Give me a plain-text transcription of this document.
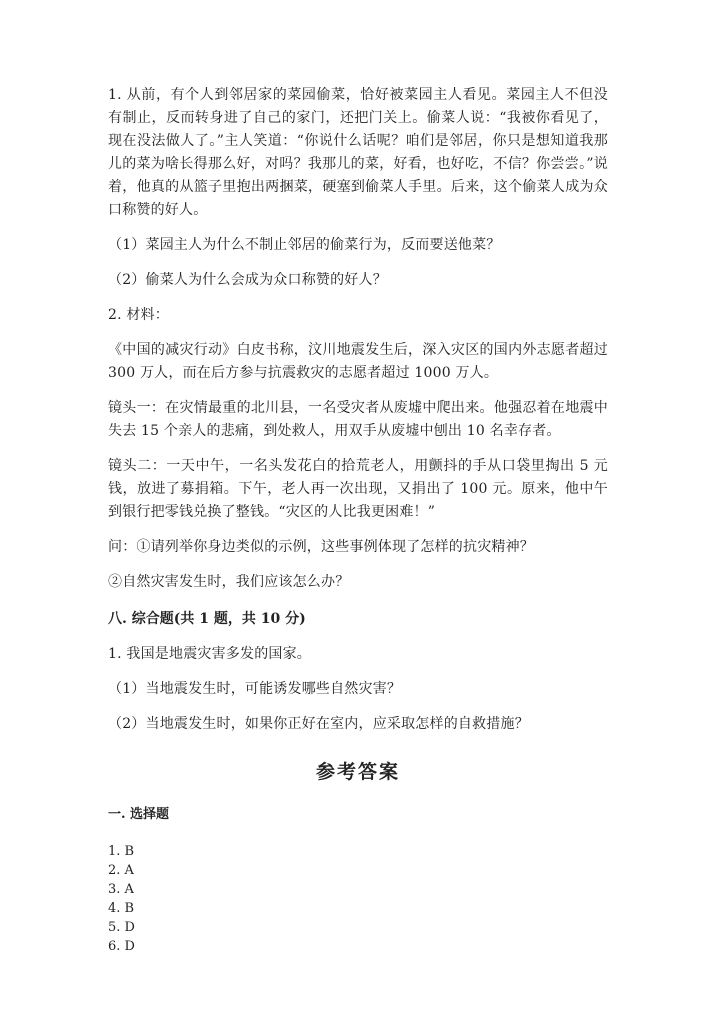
1. 从前，有个人到邻居家的菜园偷菜，恰好被菜园主人看见。菜园主人不但没有制止，反而转身进了自己的家门，还把门关上。偷菜人说：“我被你看见了，现在没法做人了。”主人笑道：“你说什么话呢？咱们是邻居，你只是想知道我那儿的菜为啥长得那么好，对吗？我那儿的菜，好看，也好吃，不信？你尝尝。”说着，他真的从篮子里抱出两捆菜，硬塞到偷菜人手里。后来，这个偷菜人成为众口称赞的好人。

（1）菜园主人为什么不制止邻居的偷菜行为，反而要送他菜？

（2）偷菜人为什么会成为众口称赞的好人？

2. 材料：

《中国的减灾行动》白皮书称，汶川地震发生后，深入灾区的国内外志愿者超过 300 万人，而在后方参与抗震救灾的志愿者超过 1000 万人。

镜头一：在灾情最重的北川县，一名受灾者从废墟中爬出来。他强忍着在地震中失去 15 个亲人的悲痛，到处救人，用双手从废墟中刨出 10 名幸存者。

镜头二：一天中午，一名头发花白的拾荒老人，用颤抖的手从口袋里掏出 5 元钱，放进了募捐箱。下午，老人再一次出现，又捐出了 100 元。原来，他中午到银行把零钱兑换了整钱。“灾区的人比我更困难！”

问：①请列举你身边类似的示例，这些事例体现了怎样的抗灾精神？

②自然灾害发生时，我们应该怎么办？

八. 综合题(共 1 题，共 10 分)

1. 我国是地震灾害多发的国家。

（1）当地震发生时，可能诱发哪些自然灾害？

（2）当地震发生时，如果你正好在室内，应采取怎样的自救措施？

参考答案

一. 选择题

1. B
2. A
3. A
4. B
5. D
6. D
